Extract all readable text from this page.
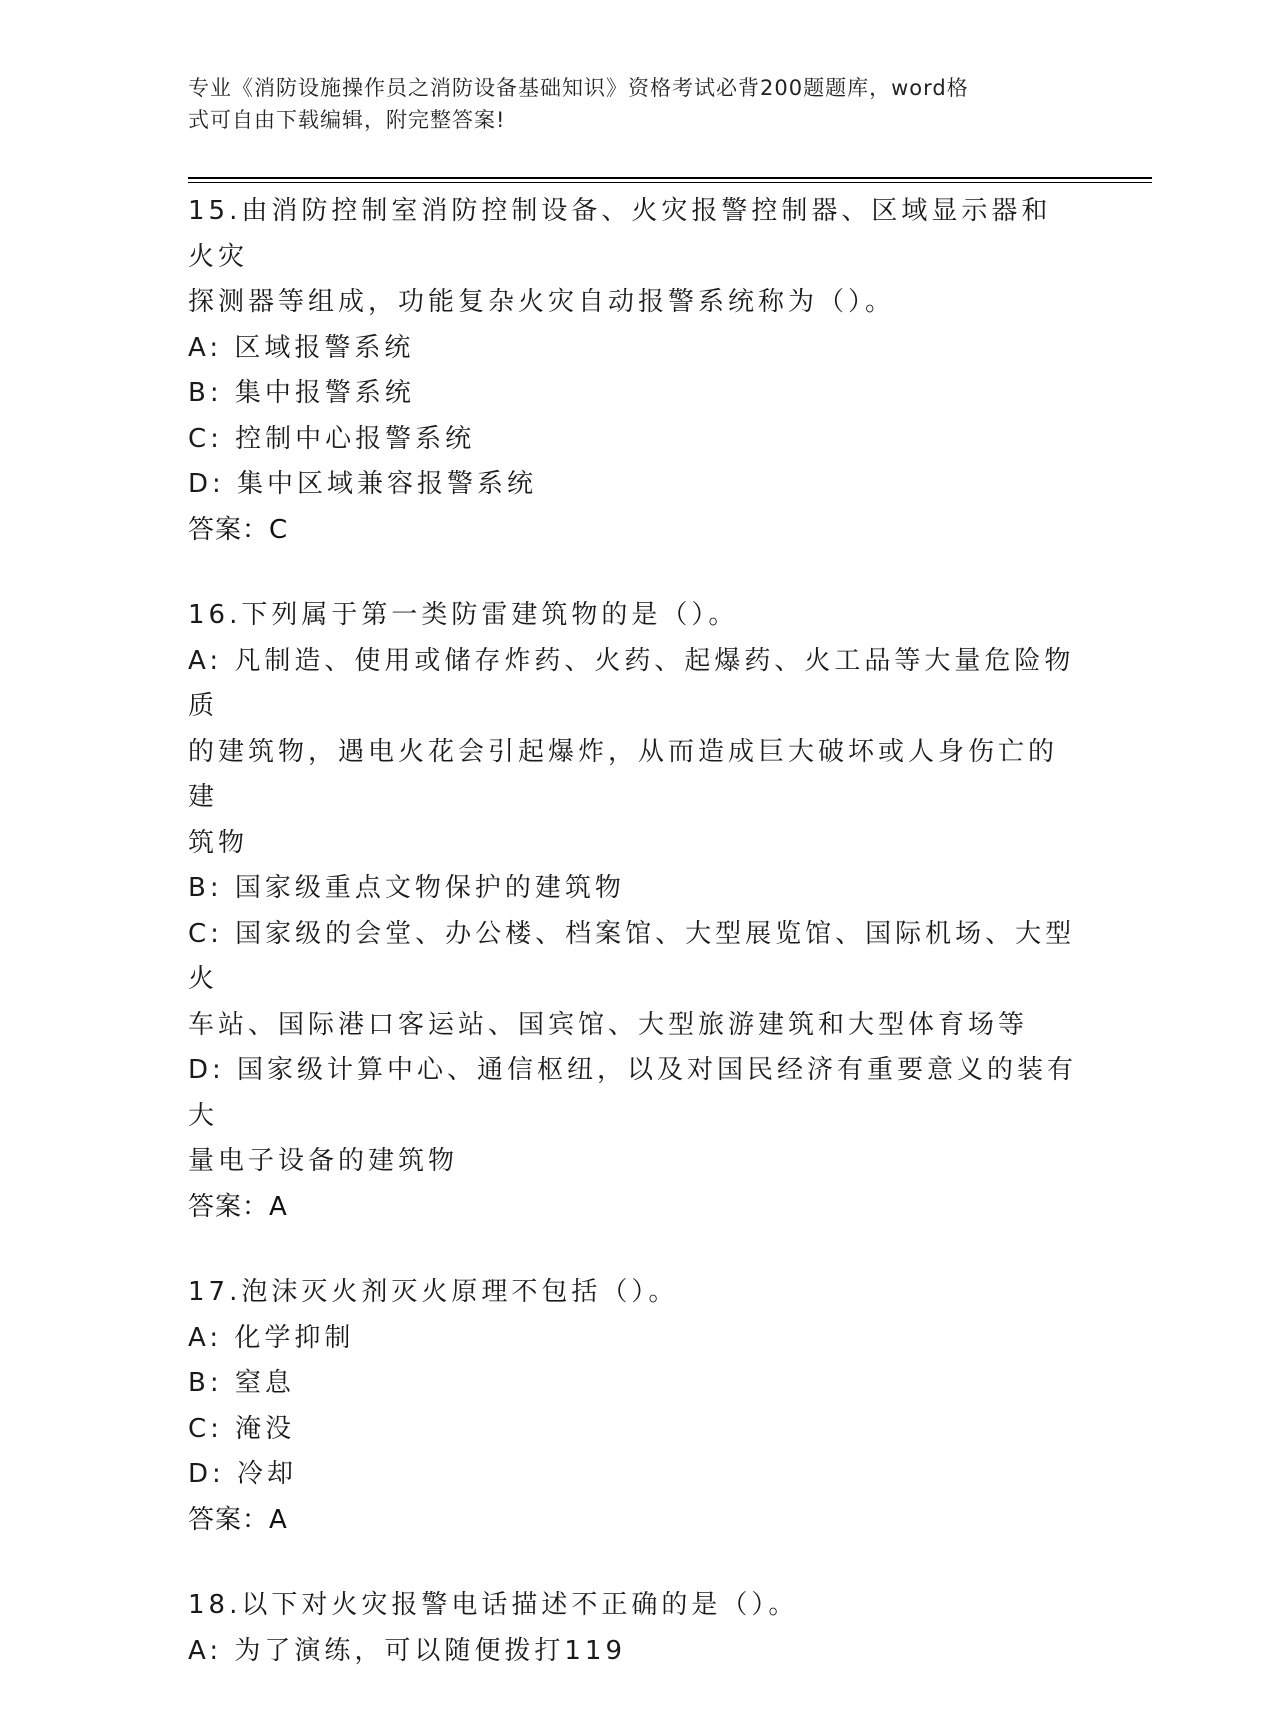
专业《消防设施操作员之消防设备基础知识》资格考试必背200题题库，word格
式可自由下载编辑，附完整答案!
15.由消防控制室消防控制设备、火灾报警控制器、区域显示器和火灾
探测器等组成，功能复杂火灾自动报警系统称为（）。
A: 区域报警系统
B: 集中报警系统
C: 控制中心报警系统
D: 集中区域兼容报警系统
答案：C
16.下列属于第一类防雷建筑物的是（）。
A: 凡制造、使用或储存炸药、火药、起爆药、火工品等大量危险物质
的建筑物，遇电火花会引起爆炸，从而造成巨大破坏或人身伤亡的建
筑物
B: 国家级重点文物保护的建筑物
C: 国家级的会堂、办公楼、档案馆、大型展览馆、国际机场、大型火
车站、国际港口客运站、国宾馆、大型旅游建筑和大型体育场等
D: 国家级计算中心、通信枢纽，以及对国民经济有重要意义的装有大
量电子设备的建筑物
答案：A
17.泡沫灭火剂灭火原理不包括（）。
A: 化学抑制
B: 窒息
C: 淹没
D: 冷却
答案：A
18.以下对火灾报警电话描述不正确的是（）。
A: 为了演练，可以随便拨打119
